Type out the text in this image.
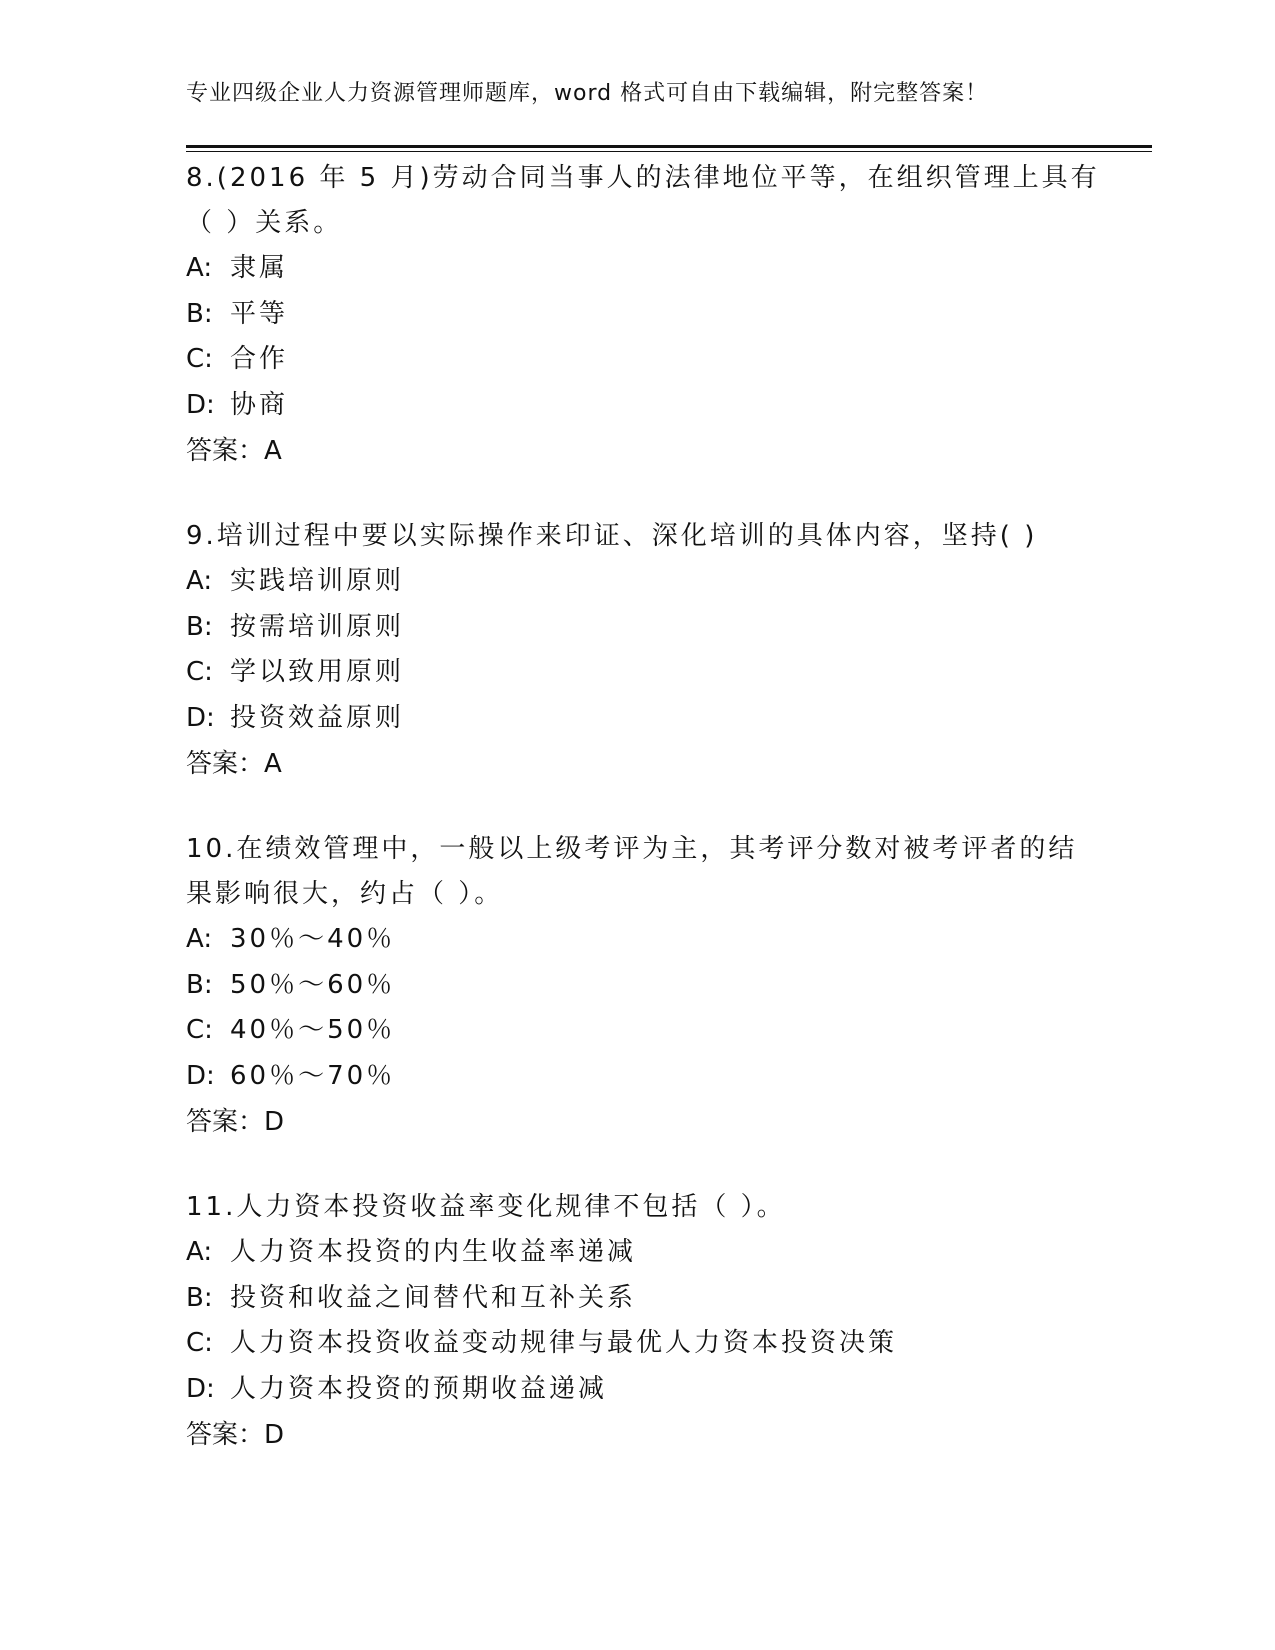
专业四级企业人力资源管理师题库，word 格式可自由下载编辑，附完整答案！
8.(2016 年 5 月)劳动合同当事人的法律地位平等，在组织管理上具有（ ）关系。
A: 隶属
B: 平等
C: 合作
D: 协商
答案：A
9.培训过程中要以实际操作来印证、深化培训的具体内容，坚持( )
A: 实践培训原则
B: 按需培训原则
C: 学以致用原则
D: 投资效益原则
答案：A
10.在绩效管理中，一般以上级考评为主，其考评分数对被考评者的结果影响很大，约占（ ）。
A: 30％～40％
B: 50％～60％
C: 40％～50％
D: 60％～70％
答案：D
11.人力资本投资收益率变化规律不包括（ ）。
A: 人力资本投资的内生收益率递减
B: 投资和收益之间替代和互补关系
C: 人力资本投资收益变动规律与最优人力资本投资决策
D: 人力资本投资的预期收益递减
答案：D
